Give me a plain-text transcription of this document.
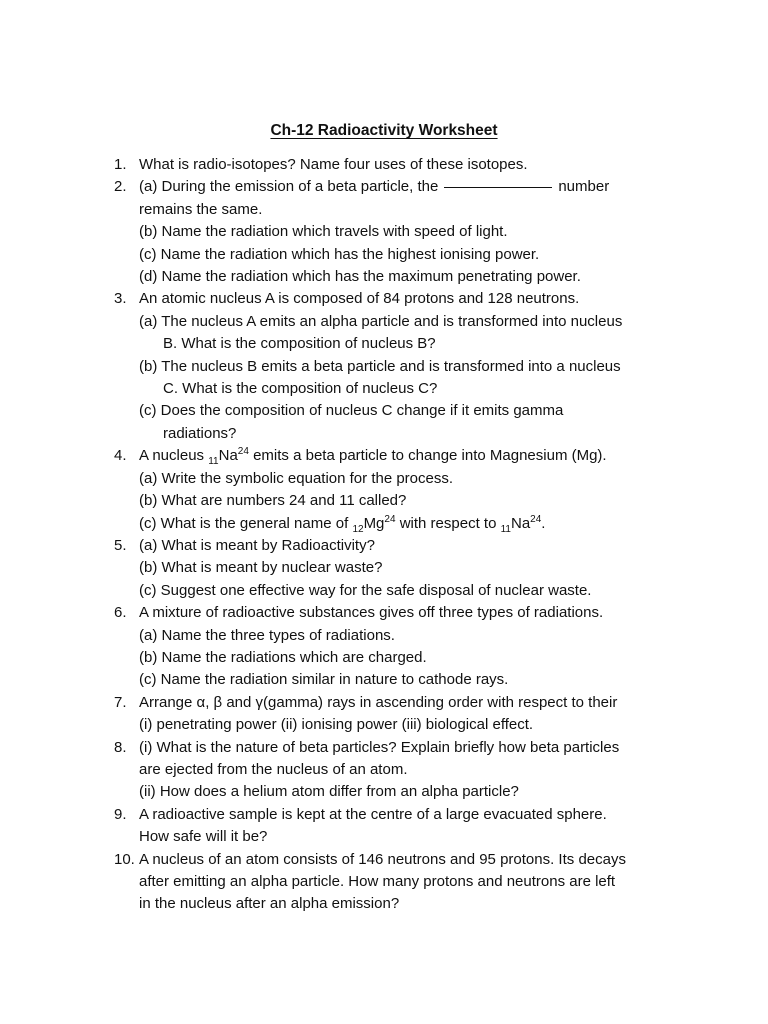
Ch-12 Radioactivity Worksheet
1. What is radio-isotopes? Name four uses of these isotopes.
2. (a) During the emission of a beta particle, the	number
remains the same.
(b) Name the radiation which travels with speed of light.
(c) Name the radiation which has the highest ionising power.
(d) Name the radiation which has the maximum penetrating power.
3. An atomic nucleus A is composed of 84 protons and 128 neutrons.
(a) The nucleus A emits an alpha particle and is transformed into nucleus
B. What is the composition of nucleus B?
(b) The nucleus B emits a beta particle and is transformed into a nucleus
C. What is the composition of nucleus C?
(c) Does the composition of nucleus C change if it emits gamma
radiations?
4. A nucleus $_{11}Na^{24}$ emits a beta particle to change into Magnesium (Mg).
(a) Write the symbolic equation for the process.
(b) What are numbers 24 and 11 called?
(c) What is the general name of $_{12}Mg^{24}$ with respect to $_{11}Na^{24}$.
5. (a) What is meant by Radioactivity?
(b) What is meant by nuclear waste?
(c) Suggest one effective way for the safe disposal of nuclear waste.
6. A mixture of radioactive substances gives off three types of radiations.
(a) Name the three types of radiations.
(b) Name the radiations which are charged.
(c) Name the radiation similar in nature to cathode rays.
7. Arrange α, β and γ(gamma) rays in ascending order with respect to their
(i) penetrating power (ii) ionising power (iii) biological effect.
8. (i) What is the nature of beta particles? Explain briefly how beta particles
are ejected from the nucleus of an atom.
(ii) How does a helium atom differ from an alpha particle?
9. A radioactive sample is kept at the centre of a large evacuated sphere.
How safe will it be?
10. A nucleus of an atom consists of 146 neutrons and 95 protons. Its decays
after emitting an alpha particle. How many protons and neutrons are left
in the nucleus after an alpha emission?
